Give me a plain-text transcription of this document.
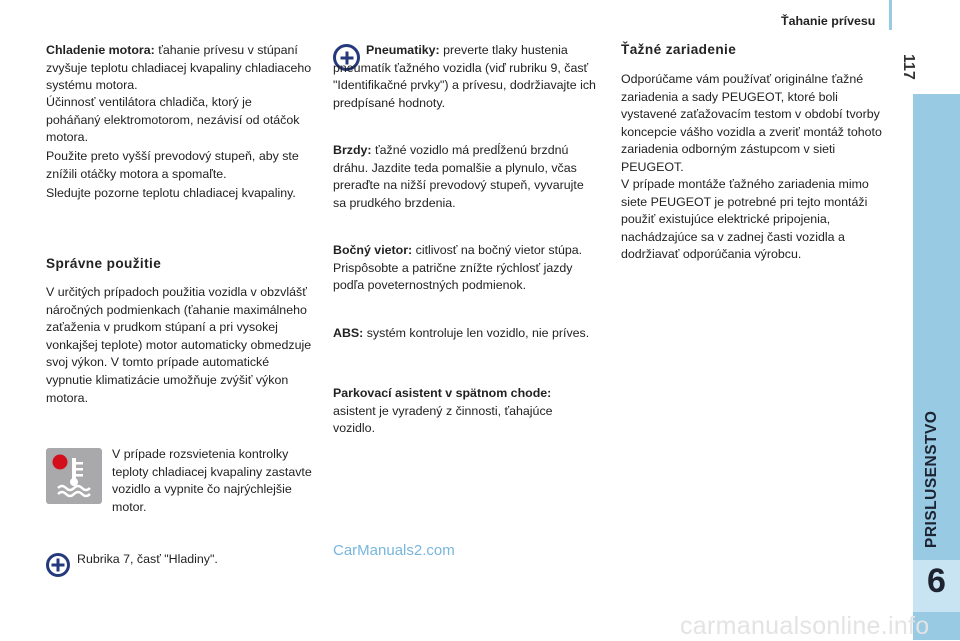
Ťahanie prívesu
117
PRISLUSENSTVO
6

Chladenie motora: ťahanie prívesu v stúpaní zvyšuje teplotu chladiacej kvapaliny chladiaceho systému motora.

Účinnosť ventilátora chladiča, ktorý je poháňaný elektromotorom, nezávisí od otáčok motora.

Použite preto vyšší prevodový stupeň, aby ste znížili otáčky motora a spomaľte.

Sledujte pozorne teplotu chladiacej kvapaliny.

Správne použitie

V určitých prípadoch použitia vozidla v obzvlášť náročných podmienkach (ťahanie maximálneho zaťaženia v prudkom stúpaní a pri vysokej vonkajšej teplote) motor automaticky obmedzuje svoj výkon. V tomto prípade automatické vypnutie klimatizácie umožňuje zvýšiť výkon motora.

V prípade rozsvietenia kontrolky teploty chladiacej kvapaliny zastavte vozidlo a vypnite čo najrýchlejšie motor.

Rubrika 7, časť "Hladiny".

Pneumatiky: preverte tlaky hustenia pneumatík ťažného vozidla (viď rubriku 9, časť "Identifikačné prvky") a prívesu, dodržiavajte ich predpísané hodnoty.

Brzdy: ťažné vozidlo má predĺženú brzdnú dráhu. Jazdite teda pomalšie a plynulo, včas preraďte na nižší prevodový stupeň, vyvarujte sa prudkého brzdenia.

Bočný vietor: citlivosť na bočný vietor stúpa. Prispôsobte a patrične znížte rýchlosť jazdy podľa poveternostných podmienok.

ABS: systém kontroluje len vozidlo, nie príves.

Parkovací asistent v spätnom chode:
asistent je vyradený z činnosti, ťahajúce vozidlo.

Ťažné zariadenie

Odporúčame vám používať originálne ťažné zariadenia a sady PEUGEOT, ktoré boli vystavené zaťažovacím testom v období tvorby koncepcie vášho vozidla a zveriť montáž tohoto zariadenia odborným zástupcom v sieti PEUGEOT.

V prípade montáže ťažného zariadenia mimo siete PEUGEOT je potrebné pri tejto montáži použiť existujúce elektrické pripojenia, nachádzajúce sa v zadnej časti vozidla a dodržiavať odporúčania výrobcu.

CarManuals2.com
carmanualsonline.info
